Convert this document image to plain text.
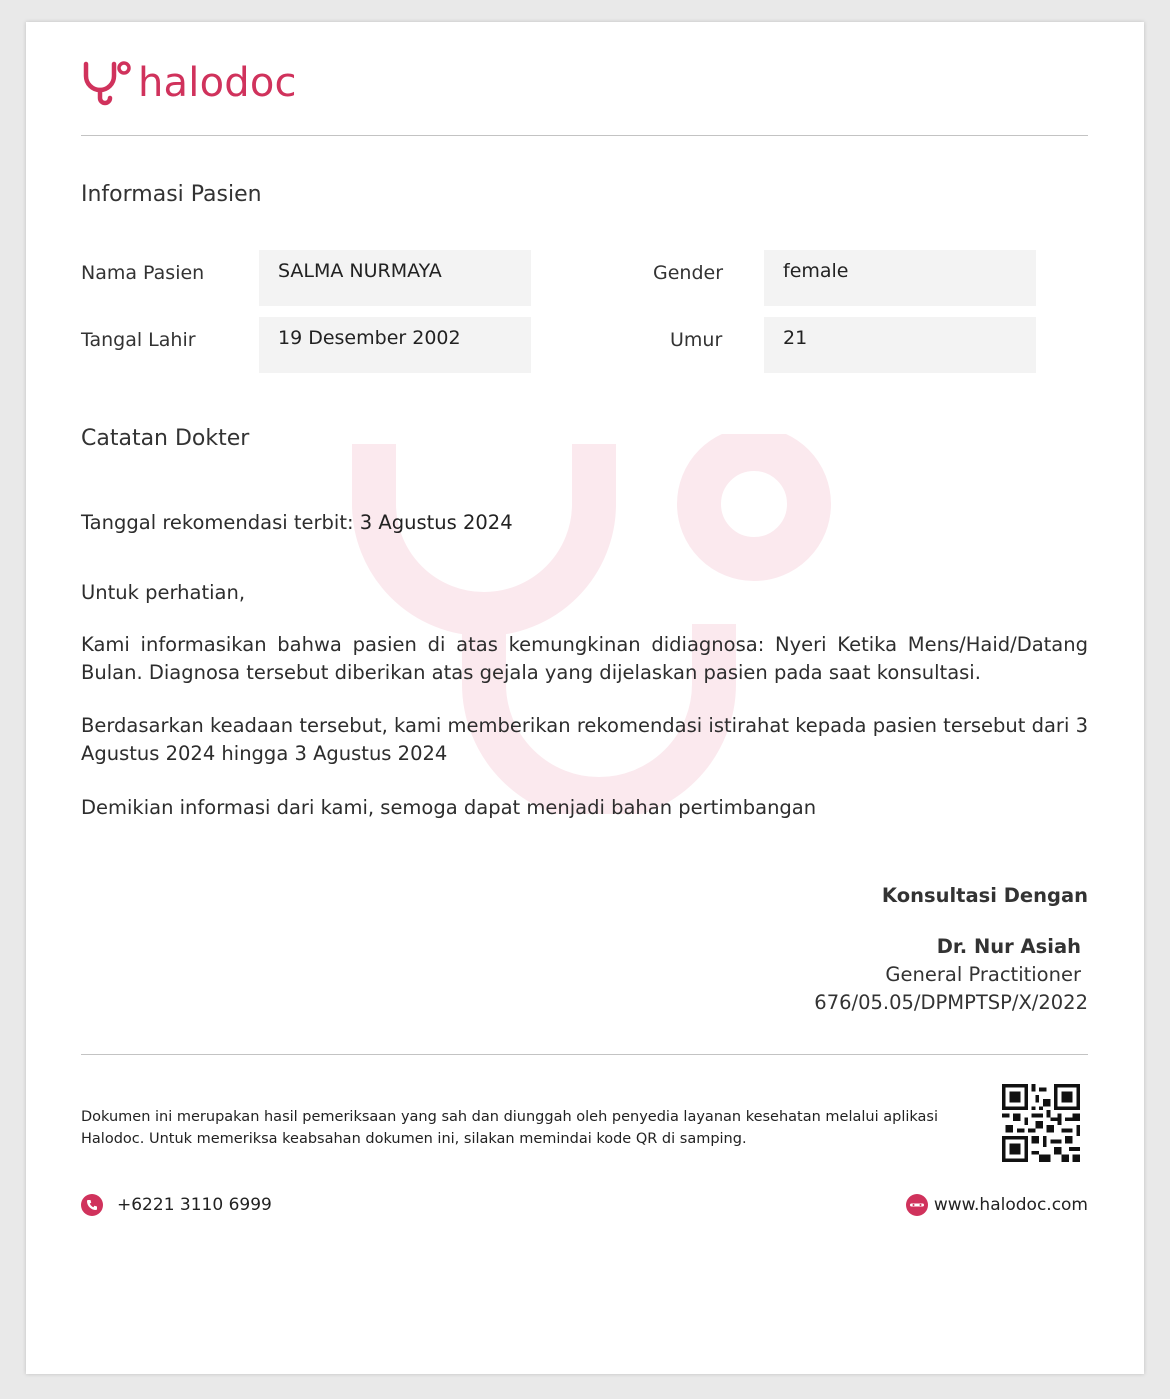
halodoc
Informasi Pasien
Nama Pasien	SALMA NURMAYA	Gender	female
Tangal Lahir	19 Desember 2002	Umur	21
Catatan Dokter
Tanggal rekomendasi terbit: 3 Agustus 2024
Untuk perhatian,
Kami informasikan bahwa pasien di atas kemungkinan didiagnosa: Nyeri Ketika Mens/Haid/Datang Bulan. Diagnosa tersebut diberikan atas gejala yang dijelaskan pasien pada saat konsultasi.
Berdasarkan keadaan tersebut, kami memberikan rekomendasi istirahat kepada pasien tersebut dari 3 Agustus 2024 hingga 3 Agustus 2024
Demikian informasi dari kami, semoga dapat menjadi bahan pertimbangan
Konsultasi Dengan
Dr. Nur Asiah
General Practitioner
676/05.05/DPMPTSP/X/2022
Dokumen ini merupakan hasil pemeriksaan yang sah dan diunggah oleh penyedia layanan kesehatan melalui aplikasi Halodoc. Untuk memeriksa keabsahan dokumen ini, silakan memindai kode QR di samping.
+6221 3110 6999	www.halodoc.com
